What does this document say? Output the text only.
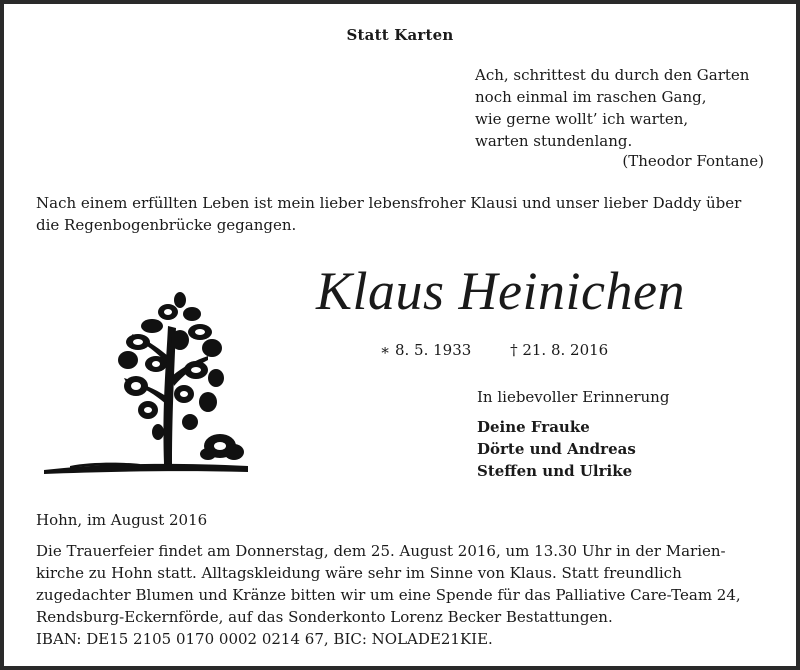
Statt Karten
Ach, schrittest du durch den Garten
noch einmal im raschen Gang,
wie gerne wollt’ ich warten,
warten stundenlang.
(Theodor Fontane)
Nach einem erfüllten Leben ist mein lieber lebensfroher Klausi und unser lieber Daddy über die Regenbogenbrücke gegangen.
Klaus Heinichen
∗ 8. 5. 1933	† 21. 8. 2016
In liebevoller Erinnerung
Deine Frauke
Dörte und Andreas
Steffen und Ulrike
Hohn, im August 2016
Die Trauerfeier findet am Donnerstag, dem 25. August 2016, um 13.30 Uhr in der Marien-
kirche zu Hohn statt. Alltagskleidung wäre sehr im Sinne von Klaus. Statt freundlich
zugedachter Blumen und Kränze bitten wir um eine Spende für das Palliative Care-Team 24,
Rendsburg-Eckernförde, auf das Sonderkonto Lorenz Becker Bestattungen.
IBAN: DE15 2105 0170 0002 0214 67, BIC: NOLADE21KIE.
